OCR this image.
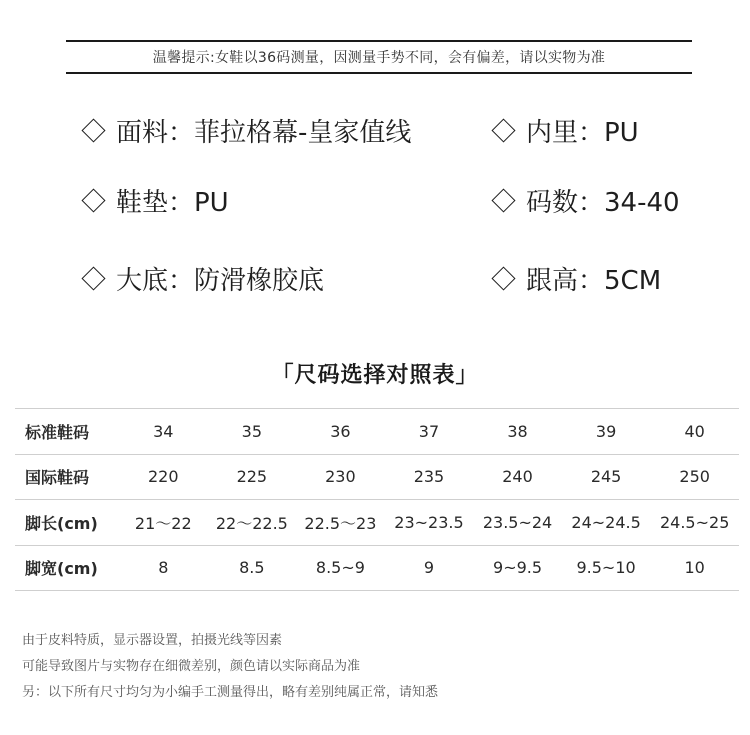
温馨提示:女鞋以36码测量，因测量手势不同，会有偏差，请以实物为准
面料：菲拉格幕-皇家值线	内里：PU
鞋垫：PU	码数：34-40
大底：防滑橡胶底	跟高：5CM
「尺码选择对照表」
标准鞋码	34	35	36	37	38	39	40
国际鞋码	220	225	230	235	240	245	250
脚长(cm)	21～22	22～22.5	22.5～23	23~23.5	23.5~24	24~24.5	24.5~25
脚宽(cm)	8	8.5	8.5~9	9	9~9.5	9.5~10	10
由于皮料特质，显示器设置，拍摄光线等因素
可能导致图片与实物存在细微差别，颜色请以实际商品为准
另：以下所有尺寸均匀为小编手工测量得出，略有差别纯属正常，请知悉
